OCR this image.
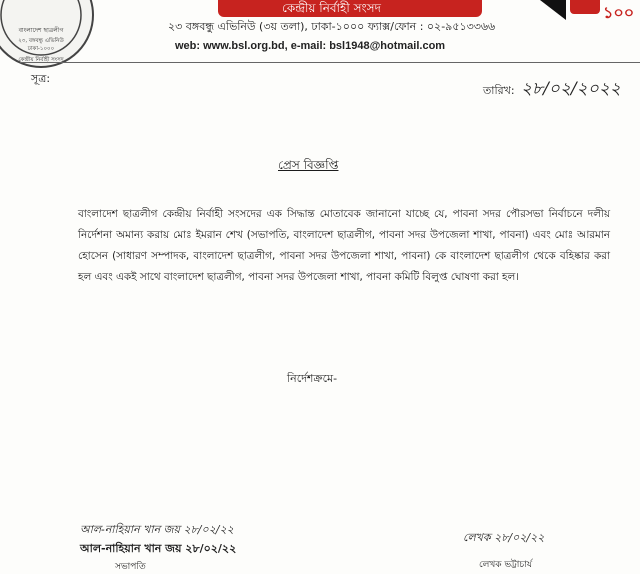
বাংলাদেশ ছাত্রলীগ
২৩, বঙ্গবন্ধু এভিনিউ
ঢাকা-১০০০
কেন্দ্রীয় নির্বাহী সংসদ
কেন্দ্রীয় নির্বাহী সংসদ
২৩ বঙ্গবন্ধু এভিনিউ (৩য় তলা), ঢাকা-১০০০ ফ্যাক্স/ফোন : ০২-৯৫১৩৩৬৬
web: www.bsl.org.bd, e-mail: bsl1948@hotmail.com
১০০
সূত্র:
তারিখ: ২৮/০২/২০২২
প্রেস বিজ্ঞপ্তি

বাংলাদেশ ছাত্রলীগ কেন্দ্রীয় নির্বাহী সংসদের এক সিদ্ধান্ত মোতাবেক জানানো যাচ্ছে যে, পাবনা সদর পৌরসভা নির্বাচনে দলীয় নির্দেশনা অমান্য করায় মোঃ ইমরান শেখ (সভাপতি, বাংলাদেশ ছাত্রলীগ, পাবনা সদর উপজেলা শাখা, পাবনা) এবং মোঃ আরমান হোসেন (সাধারণ সম্পাদক, বাংলাদেশ ছাত্রলীগ, পাবনা সদর উপজেলা শাখা, পাবনা) কে বাংলাদেশ ছাত্রলীগ থেকে বহিষ্কার করা হল এবং একই সাথে বাংলাদেশ ছাত্রলীগ, পাবনা সদর উপজেলা শাখা, পাবনা কমিটি বিলুপ্ত ঘোষণা করা হল।

নির্দেশক্রমে-
আল-নাহিয়ান খান জয় ২৮/০২/২২
আল-নাহিয়ান খান জয় ২৮/০২/২২
সভাপতি
লেখক ২৮/০২/২২
লেখক ভট্টাচার্য
